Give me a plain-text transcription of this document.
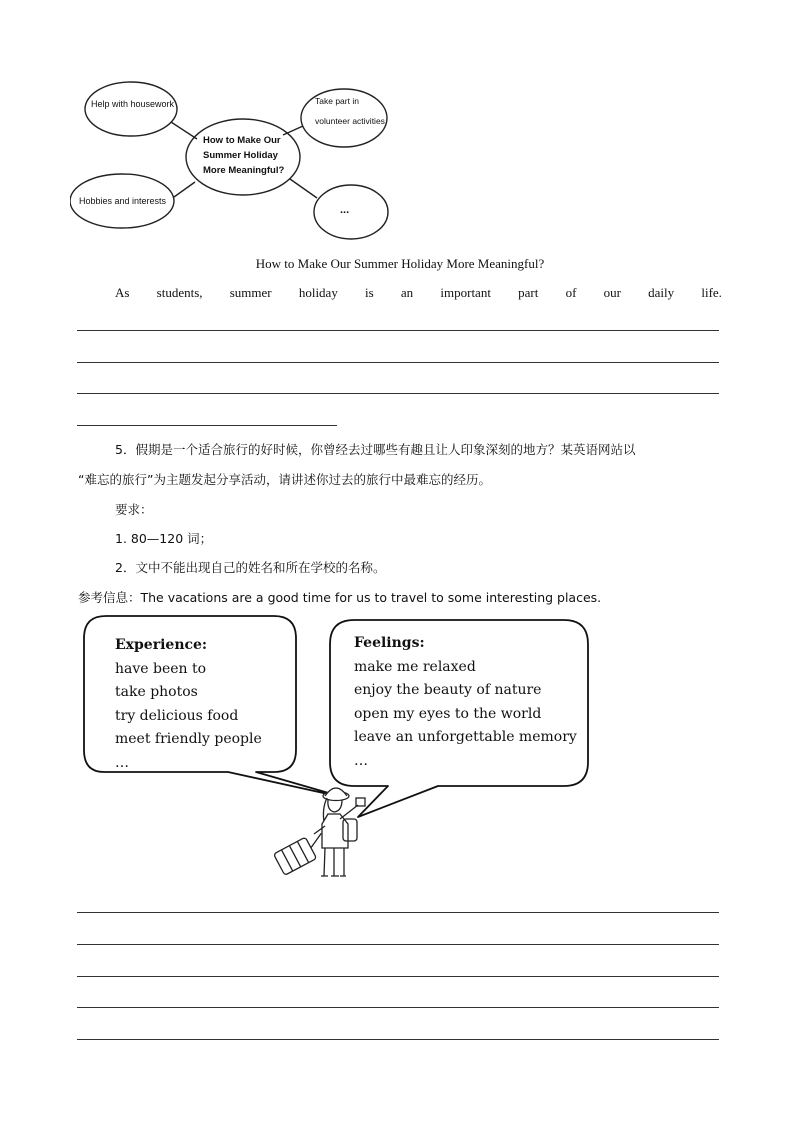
Help with housework
How to Make Our
Summer Holiday
More Meaningful?
Take part in
volunteer activities
Hobbies and interests
...
How to Make Our Summer Holiday More Meaningful?
As students, summer holiday is an important part of our daily life.
5．假期是一个适合旅行的好时候，你曾经去过哪些有趣且让人印象深刻的地方？某英语网站以
“难忘的旅行”为主题发起分享活动，请讲述你过去的旅行中最难忘的经历。
要求：
1. 80—120 词；
2．文中不能出现自己的姓名和所在学校的名称。
参考信息：The vacations are a good time for us to travel to some interesting places.
Experience:
have been to
take photos
try delicious food
meet friendly people
…
Feelings:
make me relaxed
enjoy the beauty of nature
open my eyes to the world
leave an unforgettable memory
…
